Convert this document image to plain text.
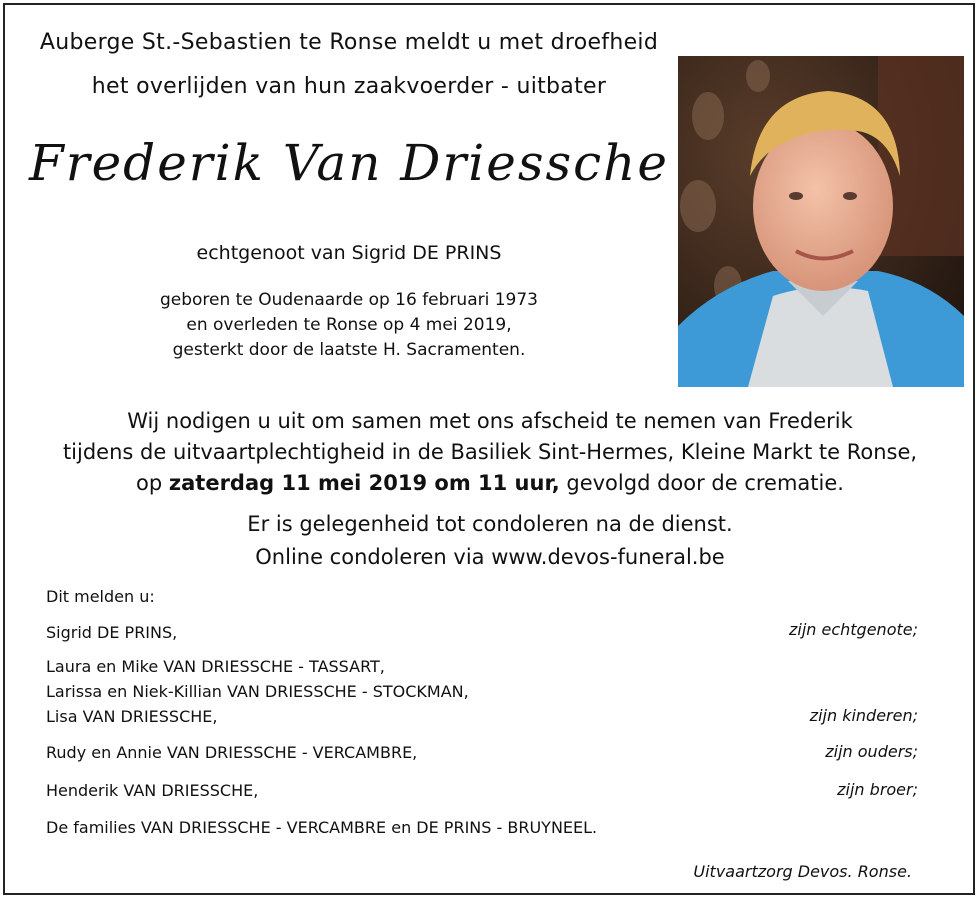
Auberge St.-Sebastien te Ronse meldt u met droefheid
het overlijden van hun zaakvoerder - uitbater
Frederik Van Driessche
echtgenoot van Sigrid DE PRINS
geboren te Oudenaarde op 16 februari 1973
en overleden te Ronse op 4 mei 2019,
gesterkt door de laatste H. Sacramenten.
Wij nodigen u uit om samen met ons afscheid te nemen van Frederik
tijdens de uitvaartplechtigheid in de Basiliek Sint-Hermes, Kleine Markt te Ronse,
op zaterdag 11 mei 2019 om 11 uur, gevolgd door de crematie.
Er is gelegenheid tot condoleren na de dienst.
Online condoleren via www.devos-funeral.be
Dit melden u:
Sigrid DE PRINS,	zijn echtgenote;
Laura en Mike VAN DRIESSCHE - TASSART,
Larissa en Niek-Killian VAN DRIESSCHE - STOCKMAN,
Lisa VAN DRIESSCHE,	zijn kinderen;
Rudy en Annie VAN DRIESSCHE - VERCAMBRE,	zijn ouders;
Henderik VAN DRIESSCHE,	zijn broer;
De families VAN DRIESSCHE - VERCAMBRE en DE PRINS - BRUYNEEL.
Uitvaartzorg Devos. Ronse.
